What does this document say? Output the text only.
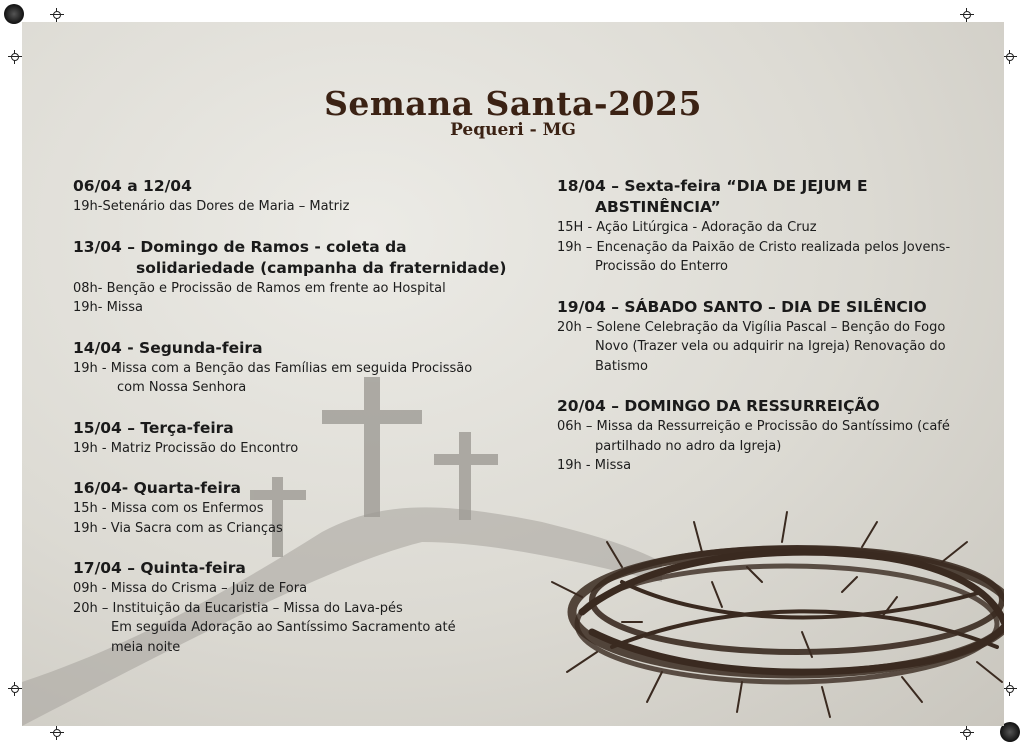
Semana Santa-2025
Pequeri - MG
06/04 a 12/04
19h-Setenário das Dores de Maria – Matriz
13/04 – Domingo de Ramos - coleta da
solidariedade (campanha da fraternidade)
08h- Benção e Procissão de Ramos em frente ao Hospital
19h- Missa
14/04 - Segunda-feira
19h - Missa com a Benção das Famílias em seguida Procissão
com Nossa Senhora
15/04 – Terça-feira
19h - Matriz Procissão do Encontro
16/04- Quarta-feira
15h - Missa com os Enfermos
19h - Via Sacra com as Crianças
17/04 – Quinta-feira
09h - Missa do Crisma – Juiz de Fora
20h – Instituição da Eucaristia – Missa do Lava-pés
Em seguida Adoração ao Santíssimo Sacramento até
meia noite
18/04 – Sexta-feira “DIA DE JEJUM E
ABSTINÊNCIA”
15H - Ação Litúrgica - Adoração da Cruz
19h – Encenação da Paixão de Cristo realizada pelos Jovens-
Procissão do Enterro
19/04 – SÁBADO SANTO – DIA DE SILÊNCIO
20h – Solene Celebração da Vigília Pascal – Benção do Fogo
Novo (Trazer vela ou adquirir na Igreja) Renovação do
Batismo
20/04 – DOMINGO DA RESSURREIÇÃO
06h – Missa da Ressurreição e Procissão do Santíssimo (café
partilhado no adro da Igreja)
19h - Missa
